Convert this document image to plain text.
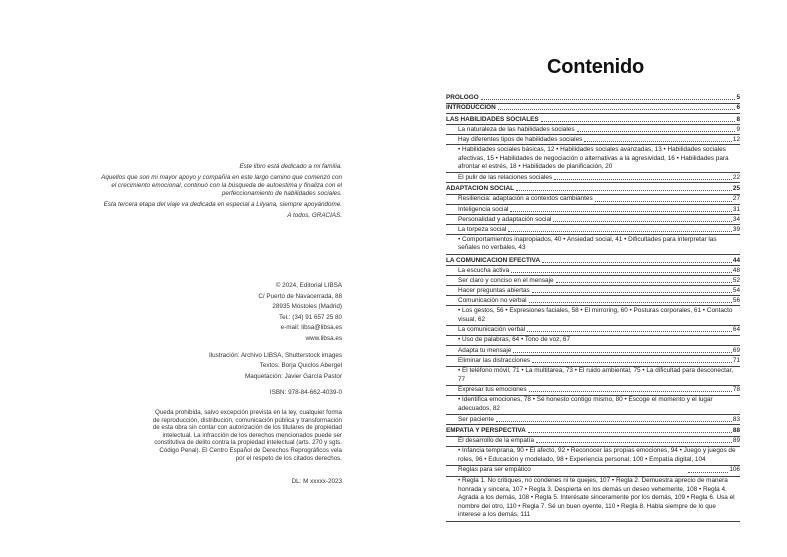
Este libro está dedicado a mi familia.

Aquellos que son mi mayor apoyo y compañía en este largo camino que comenzó con el crecimiento emocional, continuó con la búsqueda de autoestima y finaliza con el perfeccionamiento de habilidades sociales.

Esta tercera etapa del viaje va dedicada en especial a Lilyana, siempre apoyándome.

A todos, GRACIAS.

© 2024, Editorial LIBSA
C/ Puerto de Navacerrada, 88
28935 Móstoles (Madrid)
Tel.: (34) 91 657 25 80
e-mail: libsa@libsa.es
www.libsa.es
Ilustración: Archivo LIBSA, Shutterstock images
Textos: Borja Quiclos Abergel
Maquetación: Javier García Pastor
ISBN: 978-84-662-4039-0
Queda prohibida, salvo excepción prevista en la ley, cualquier forma de reproducción, distribución, comunicación pública y transformación de esta obra sin contar con autorización de los titulares de propiedad intelectual. La infracción de los derechos mencionados puede ser constitutiva de delito contra la propiedad intelectual (arts. 270 y sgts. Código Penal). El Centro Español de Derechos Reprográficos vela por el respeto de los citados derechos.
DL: M xxxxx-2023
Contenido
PRÓLOGO	5
INTRODUCCIÓN	6
LAS HABILIDADES SOCIALES	8
La naturaleza de las habilidades sociales	9
Hay diferentes tipos de habilidades sociales	12
• Habilidades sociales básicas, 12 • Habilidades sociales avanzadas, 13 • Habilidades sociales afectivas, 15 • Habilidades de negociación o alternativas a la agresividad, 16 • Habilidades para afrontar el estrés, 18 • Habilidades de planificación, 20
El pulir de las relaciones sociales	22
ADAPTACIÓN SOCIAL	25
Resiliencia: adaptación a contextos cambiantes	27
Inteligencia social	31
Personalidad y adaptación social	34
La torpeza social	39
• Comportamientos inapropiados, 40 • Ansiedad social, 41 • Dificultades para interpretar las señales no verbales, 43
LA COMUNICACIÓN EFECTIVA	44
La escucha activa	48
Ser claro y conciso en el mensaje	52
Hacer preguntas abiertas	54
Comunicación no verbal	56
• Los gestos, 56 • Expresiones faciales, 58 • El mirroring, 60 • Posturas corporales, 61 • Contacto visual, 62
La comunicación verbal	64
• Uso de palabras, 64 • Tono de voz, 67
Adapta tu mensaje	69
Eliminar las distracciones	71
• El teléfono móvil, 71 • La multitarea, 73 • El ruido ambiental, 75 • La dificultad para desconectar, 77
Expresar tus emociones	78
• Identifica emociones, 78 • Sé honesto contigo mismo, 80 • Escoge el momento y el lugar adecuados, 82
Ser paciente	83
EMPATÍA Y PERSPECTIVA	88
El desarrollo de la empatía	89
• Infancia temprana, 90 • El afecto, 92 • Reconocer las propias emociones, 94 • Juego y juegos de roles, 96 • Educación y modelado, 98 • Experiencia personal, 100 • Empatía digital, 104
Reglas para ser empático	106
• Regla 1. No critiques, no condenes ni te quejes, 107 • Regla 2. Demuestra aprecio de manera honrada y sincera, 107 • Regla 3. Despierta en los demás un deseo vehemente, 108 • Regla 4. Agrada a los demás, 108 • Regla 5. Interésate sinceramente por los demás, 109 • Regla 6. Usa el nombre del otro, 110 • Regla 7. Sé un buen oyente, 110 • Regla 8. Habla siempre de lo que interese a los demás, 111
